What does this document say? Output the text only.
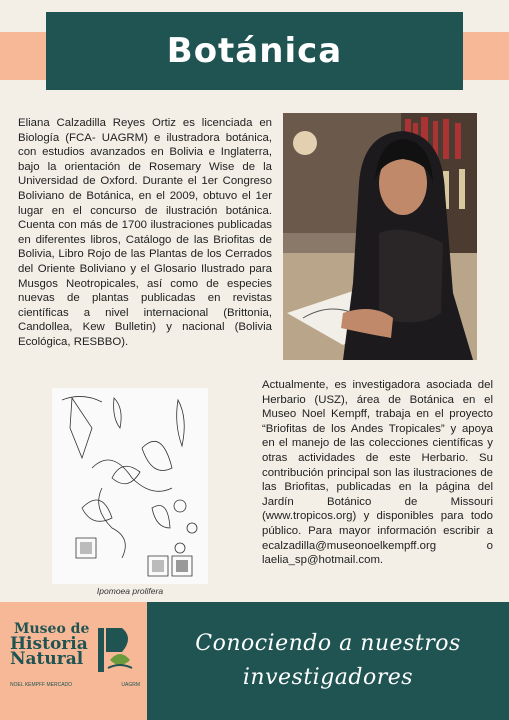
Botánica

Eliana Calzadilla Reyes Ortiz es licenciada en Biología (FCA- UAGRM) e ilustradora botánica, con estudios avanzados en Bolivia e Inglaterra, bajo la orientación de Rosemary Wise de la Universidad de Oxford. Durante el 1er Congreso Boliviano de Botánica, en el 2009, obtuvo el 1er lugar en el concurso de ilustración botánica. Cuenta con más de 1700 ilustraciones publicadas en diferentes libros, Catálogo de las Briofitas de Bolivia, Libro Rojo de las Plantas de los Cerrados del Oriente Boliviano y el Glosario Ilustrado para Musgos Neotropicales, así como de especies nuevas de plantas publicadas en revistas científicas a nivel internacional (Brittonia, Candollea, Kew Bulletin) y nacional (Bolivia Ecológica, RESBBO).

Ipomoea prolifera

Actualmente, es investigadora asociada del Herbario (USZ), área de Botánica en el Museo Noel Kempff, trabaja en el proyecto “Briofitas de los Andes Tropicales” y apoya en el manejo de las colecciones científicas y otras actividades de este Herbario. Su contribución principal son las ilustraciones de las Briofitas, publicadas en la página del Jardín Botánico de Missouri (www.tropicos.org) y disponibles para todo público. Para mayor información escribir a ecalzadilla@museonoelkempff.org o laelia_sp@hotmail.com.

Museo de
Historia
Natural
NOEL KEMPFF MERCADO	UAGRM
Conociendo a nuestros
investigadores
